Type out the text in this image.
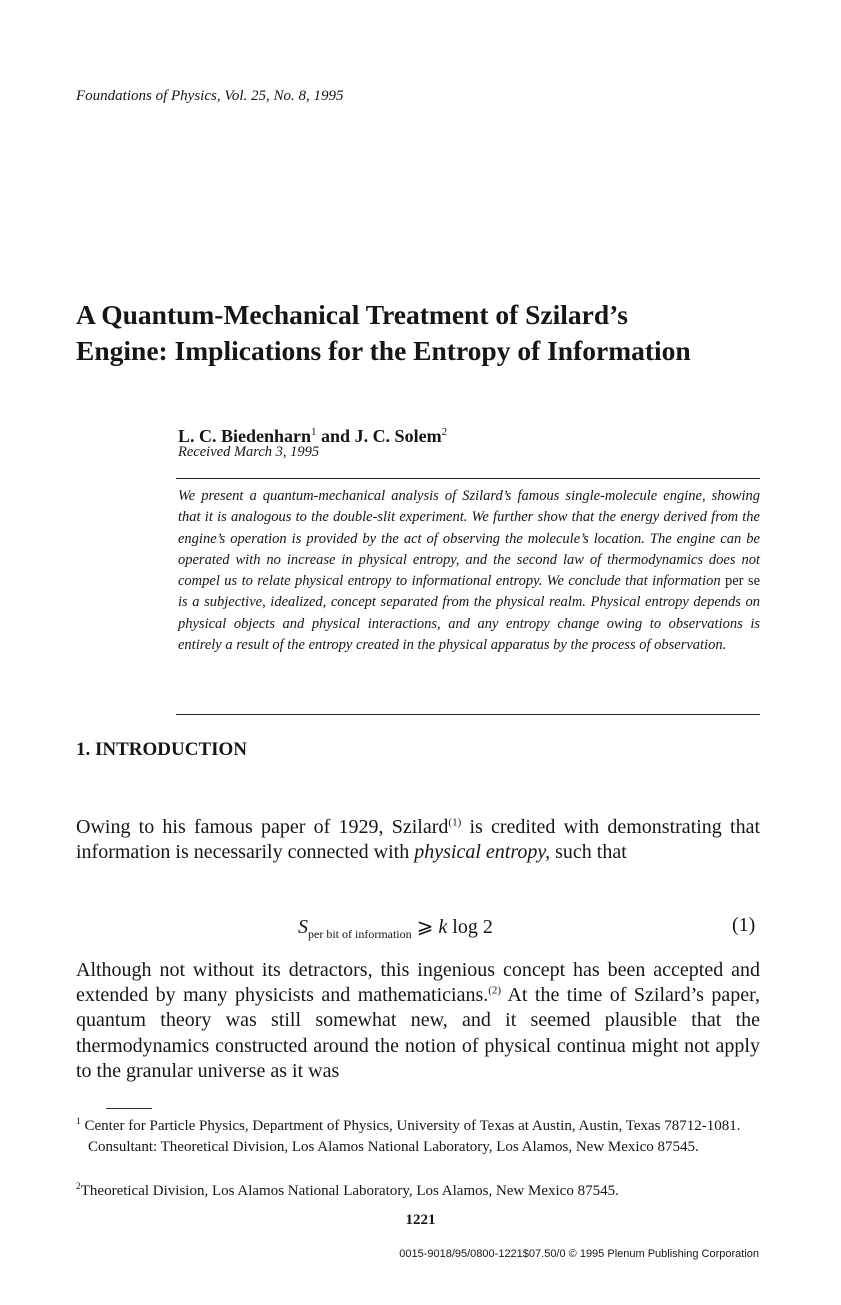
Foundations of Physics, Vol. 25, No. 8, 1995
A Quantum-Mechanical Treatment of Szilard’s
Engine: Implications for the Entropy of Information
L. C. Biedenharn$^1$ and J. C. Solem$^2$
Received March 3, 1995

We present a quantum-mechanical analysis of Szilard’s famous single-molecule engine, showing that it is analogous to the double-slit experiment. We further show that the energy derived from the engine’s operation is provided by the act of observing the molecule’s location. The engine can be operated with no increase in physical entropy, and the second law of thermodynamics does not compel us to relate physical entropy to informational entropy. We conclude that information per se is a subjective, idealized, concept separated from the physical realm. Physical entropy depends on physical objects and physical interactions, and any entropy change owing to observations is entirely a result of the entropy created in the physical apparatus by the process of observation.

1. INTRODUCTION

Owing to his famous paper of 1929, Szilard$^{(1)}$ is credited with demonstrating that information is necessarily connected with physical entropy, such that

$S_{per bit of information}$ ⩾ k log 2	(1)

Although not without its detractors, this ingenious concept has been accepted and extended by many physicists and mathematicians.$^{(2)}$ At the time of Szilard’s paper, quantum theory was still somewhat new, and it seemed plausible that the thermodynamics constructed around the notion of physical continua might not apply to the granular universe as it was

$^1$ Center for Particle Physics, Department of Physics, University of Texas at Austin, Austin, Texas 78712-1081. Consultant: Theoretical Division, Los Alamos National Laboratory, Los Alamos, New Mexico 87545.

$^2$Theoretical Division, Los Alamos National Laboratory, Los Alamos, New Mexico 87545.

1221
0015-9018/95/0800-1221$07.50/0 © 1995 Plenum Publishing Corporation
